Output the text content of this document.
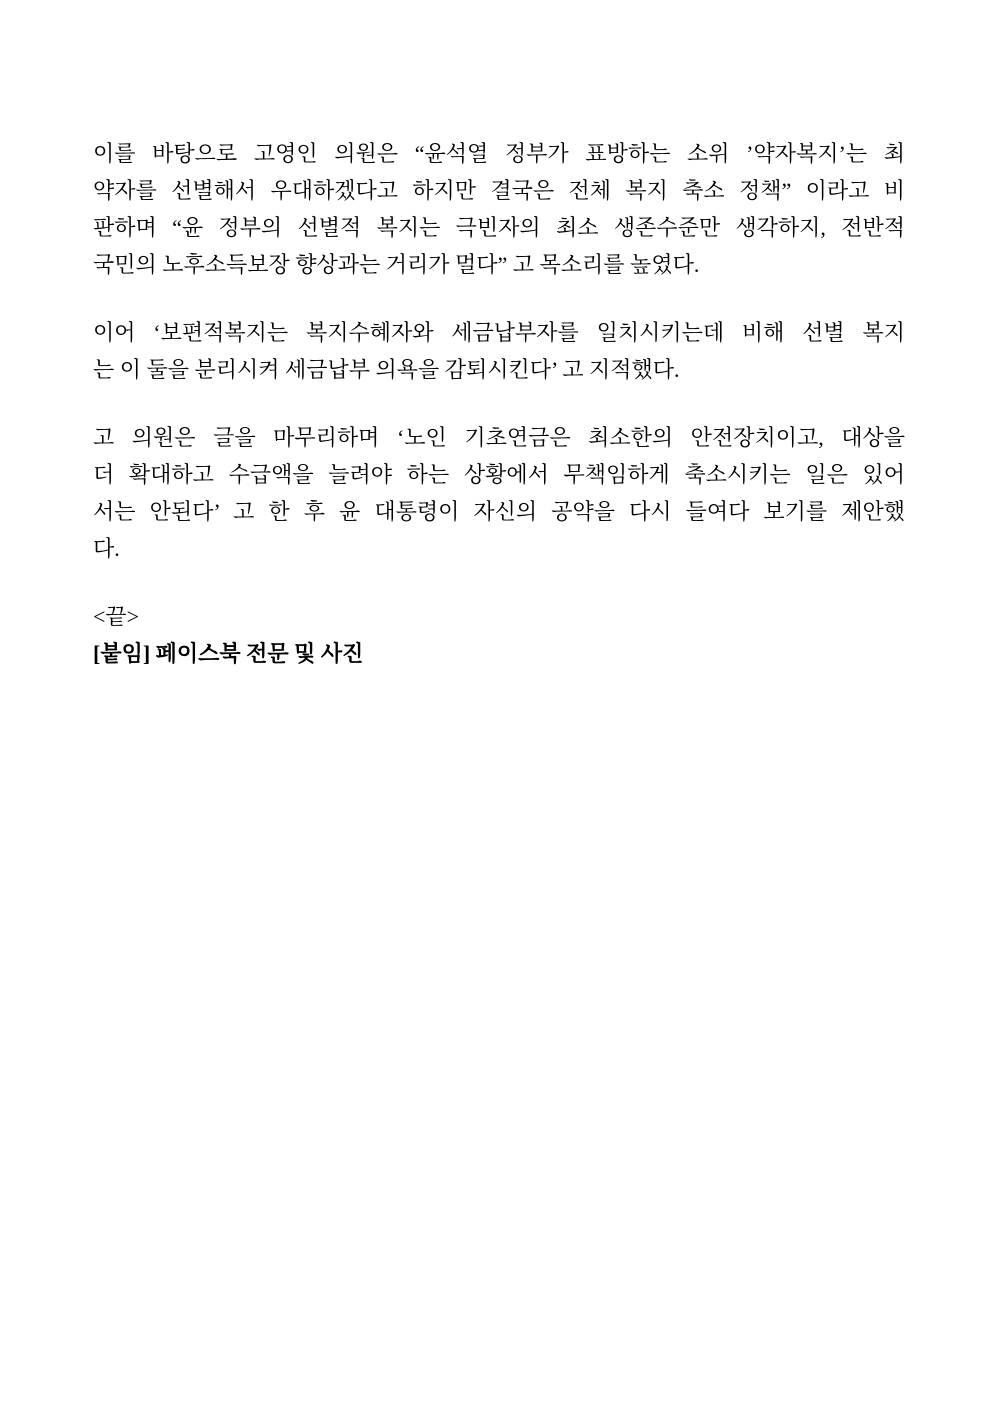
이를 바탕으로 고영인 의원은 “윤석열 정부가 표방하는 소위 ’약자복지’는 최
약자를 선별해서 우대하겠다고 하지만 결국은 전체 복지 축소 정책” 이라고 비
판하며 “윤 정부의 선별적 복지는 극빈자의 최소 생존수준만 생각하지, 전반적
국민의 노후소득보장 향상과는 거리가 멀다” 고 목소리를 높였다.
이어 ‘보편적복지는 복지수혜자와 세금납부자를 일치시키는데 비해 선별 복지
는 이 둘을 분리시켜 세금납부 의욕을 감퇴시킨다’ 고 지적했다.
고 의원은 글을 마무리하며 ‘노인 기초연금은 최소한의 안전장치이고, 대상을
더 확대하고 수급액을 늘려야 하는 상황에서 무책임하게 축소시키는 일은 있어
서는 안된다’ 고 한 후 윤 대통령이 자신의 공약을 다시 들여다 보기를 제안했
다.
<끝>
[붙임] 페이스북 전문 및 사진
